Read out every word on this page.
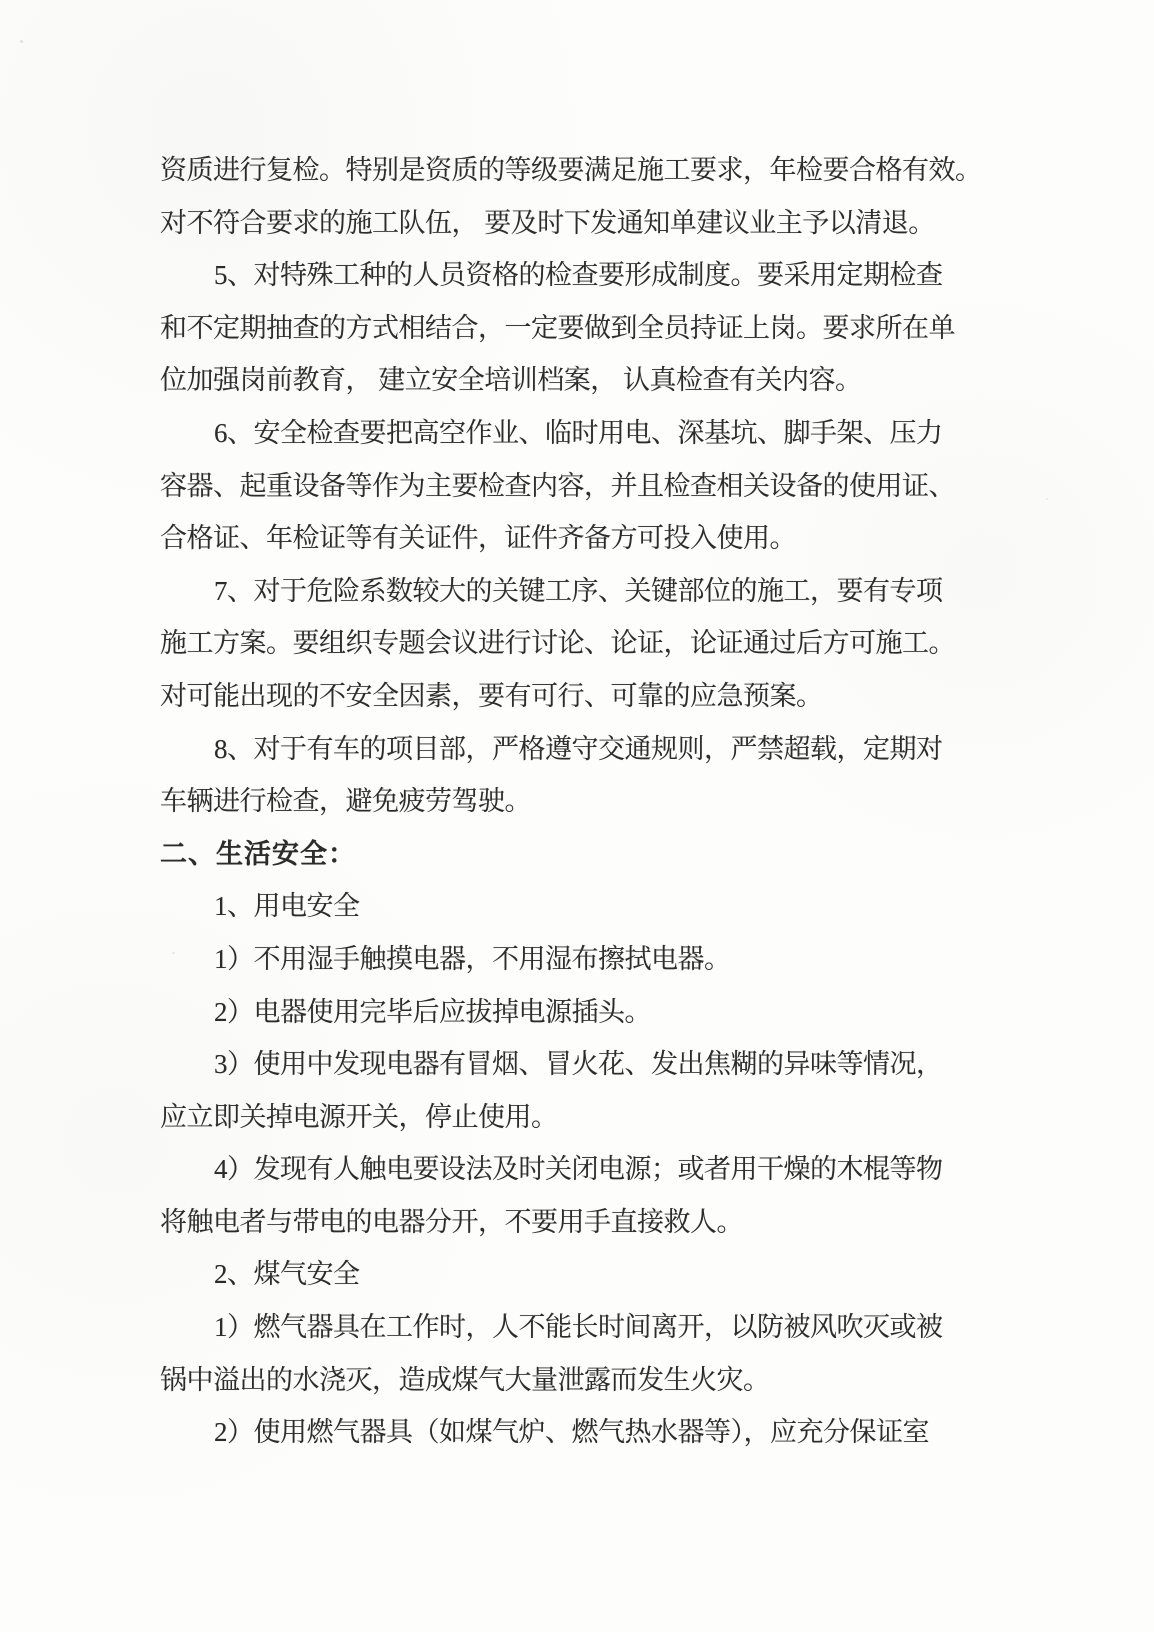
资质进行复检。特别是资质的等级要满足施工要求，年检要合格有效。
对不符合要求的施工队伍， 要及时下发通知单建议业主予以清退。
5、对特殊工种的人员资格的检查要形成制度。要采用定期检查
和不定期抽查的方式相结合，一定要做到全员持证上岗。要求所在单
位加强岗前教育， 建立安全培训档案， 认真检查有关内容。
6、安全检查要把高空作业、临时用电、深基坑、脚手架、压力
容器、起重设备等作为主要检查内容，并且检查相关设备的使用证、
合格证、年检证等有关证件，证件齐备方可投入使用。
7、对于危险系数较大的关键工序、关键部位的施工，要有专项
施工方案。要组织专题会议进行讨论、论证，论证通过后方可施工。
对可能出现的不安全因素，要有可行、可靠的应急预案。
8、对于有车的项目部，严格遵守交通规则，严禁超载，定期对
车辆进行检查，避免疲劳驾驶。
二、生活安全：
1、用电安全
1）不用湿手触摸电器，不用湿布擦拭电器。
2）电器使用完毕后应拔掉电源插头。
3）使用中发现电器有冒烟、冒火花、发出焦糊的异味等情况，
应立即关掉电源开关，停止使用。
4）发现有人触电要设法及时关闭电源；或者用干燥的木棍等物
将触电者与带电的电器分开，不要用手直接救人。
2、煤气安全
1）燃气器具在工作时，人不能长时间离开，以防被风吹灭或被
锅中溢出的水浇灭，造成煤气大量泄露而发生火灾。
2）使用燃气器具（如煤气炉、燃气热水器等），应充分保证室
